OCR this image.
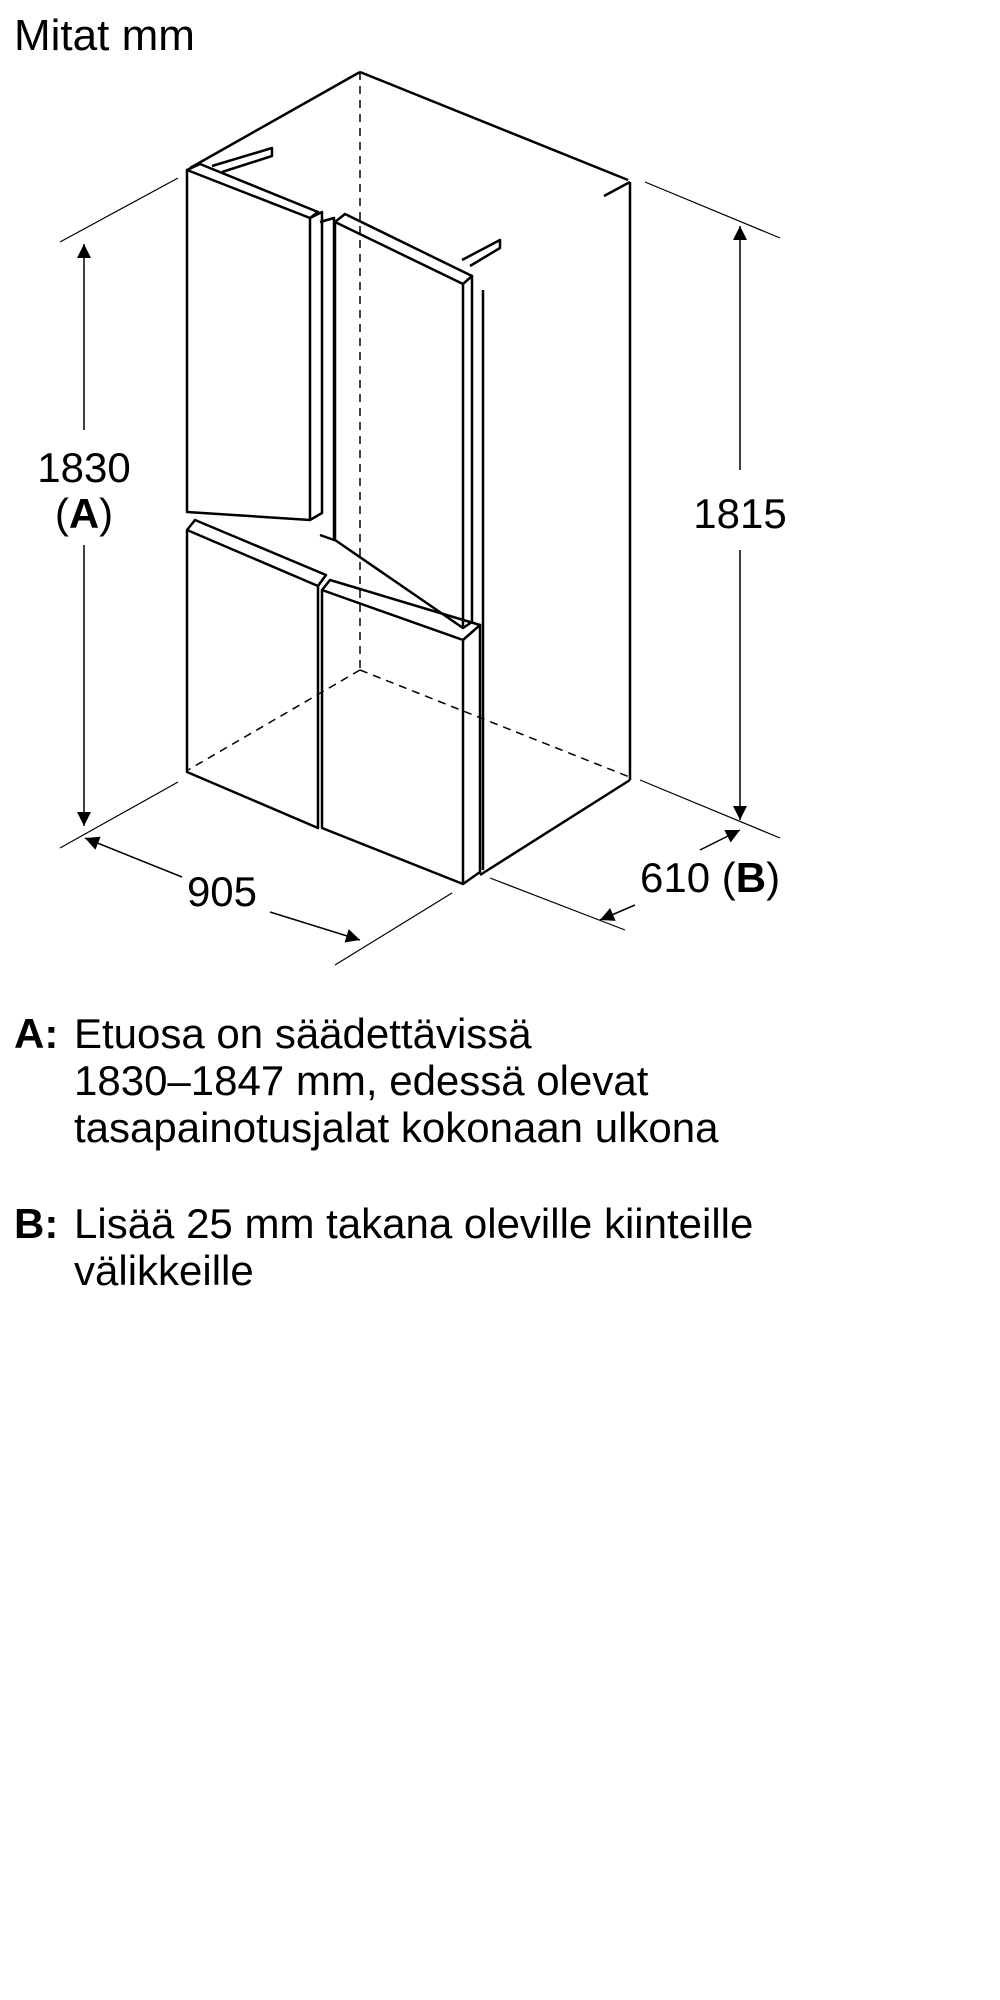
Mitat mm
1830
(A)	1815
905	610 (B)
A: Etuosa on säädettävissä
1830–1847 mm, edessä olevat
tasapainotusjalat kokonaan ulkona
B: Lisää 25 mm takana oleville kiinteille
välikkeille
